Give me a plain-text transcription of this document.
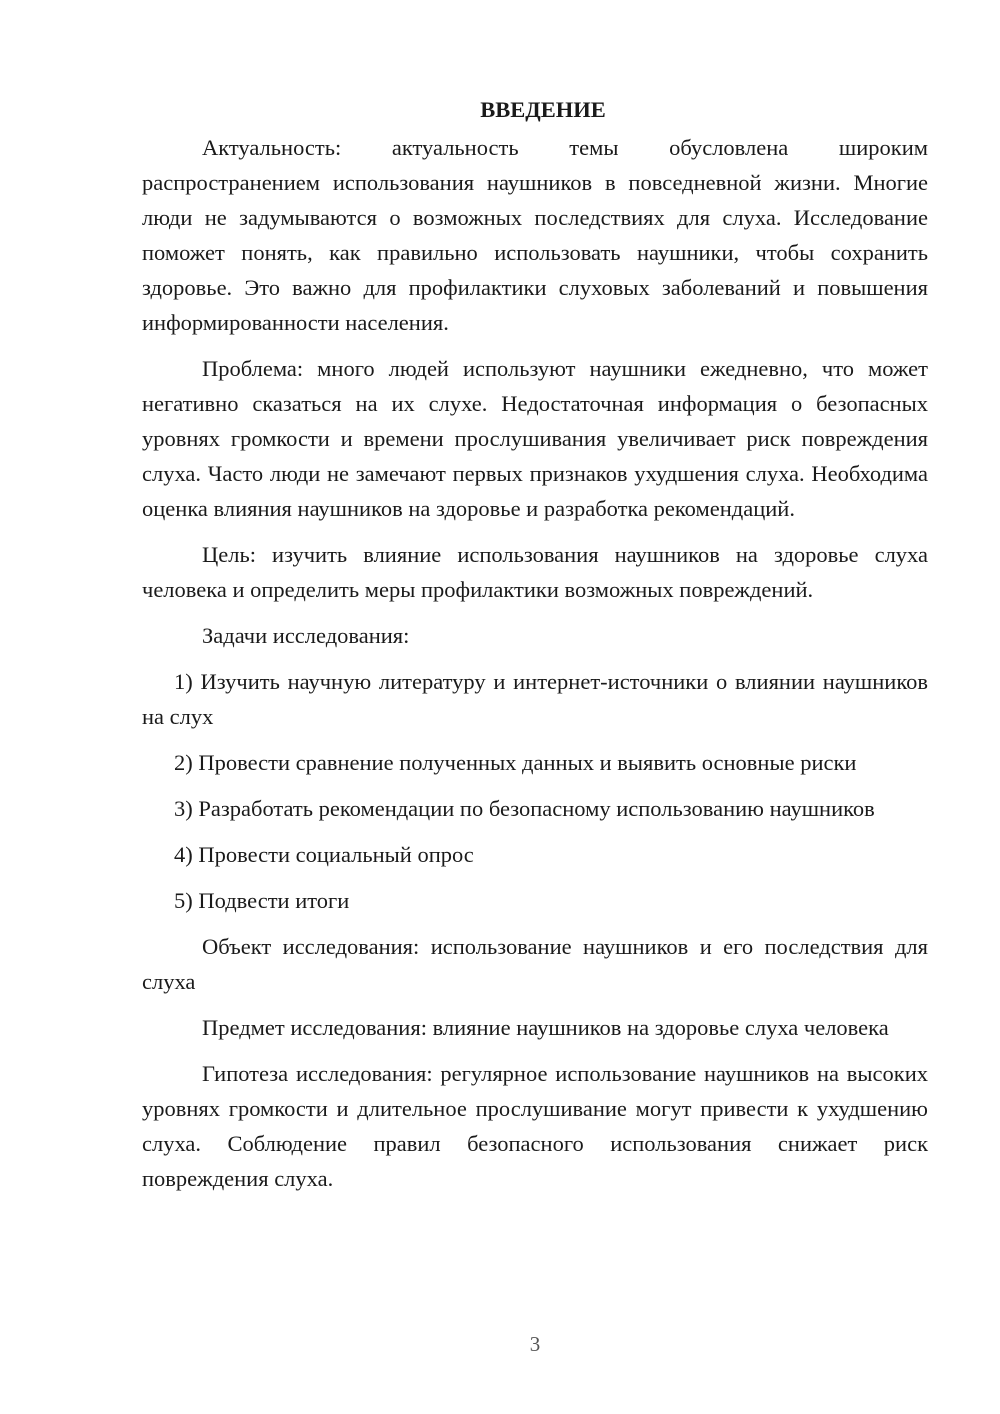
ВВЕДЕНИЕ

Актуальность: актуальность темы обусловлена широким распространением использования наушников в повседневной жизни. Многие люди не задумываются о возможных последствиях для слуха. Исследование поможет понять, как правильно использовать наушники, чтобы сохранить здоровье. Это важно для профилактики слуховых заболеваний и повышения информированности населения.

Проблема: много людей используют наушники ежедневно, что может негативно сказаться на их слухе. Недостаточная информация о безопасных уровнях громкости и времени прослушивания увеличивает риск повреждения слуха. Часто люди не замечают первых признаков ухудшения слуха. Необходима оценка влияния наушников на здоровье и разработка рекомендаций.

Цель: изучить влияние использования наушников на здоровье слуха человека и определить меры профилактики возможных повреждений.

Задачи исследования:

1) Изучить научную литературу и интернет-источники о влиянии наушников на слух

2) Провести сравнение полученных данных и выявить основные риски

3) Разработать рекомендации по безопасному использованию наушников

4) Провести социальный опрос

5) Подвести итоги

Объект исследования: использование наушников и его последствия для слуха

Предмет исследования: влияние наушников на здоровье слуха человека

Гипотеза исследования: регулярное использование наушников на высоких уровнях громкости и длительное прослушивание могут привести к ухудшению слуха. Соблюдение правил безопасного использования снижает риск повреждения слуха.

3
